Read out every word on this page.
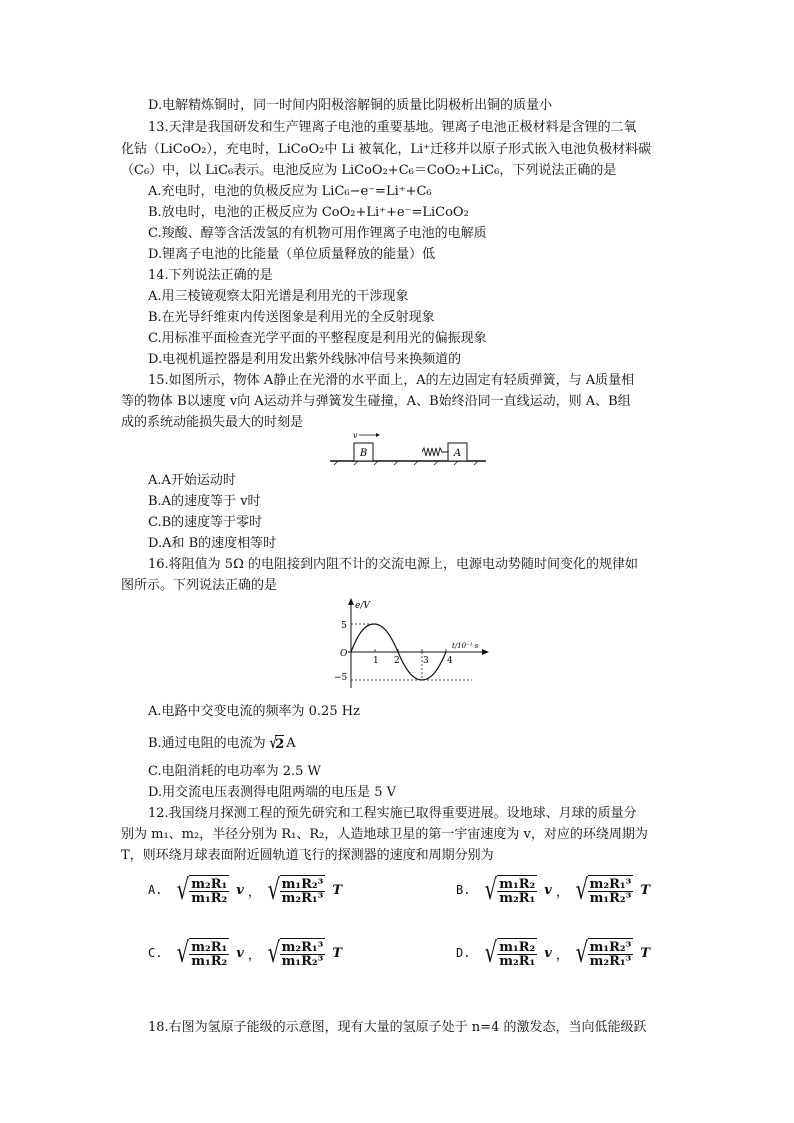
D.电解精炼铜时，同一时间内阳极溶解铜的质量比阴极析出铜的质量小
13.天津是我国研发和生产锂离子电池的重要基地。锂离子电池正极材料是含锂的二氧
化钴（LiCoO₂），充电时，LiCoO₂中 Li 被氧化，Li⁺迁移并以原子形式嵌入电池负极材料碳
（C₆）中，以 LiC₆表示。电池反应为 LiCoO₂+C₆＝CoO₂+LiC₆，下列说法正确的是
A.充电时，电池的负极反应为 LiC₆−e⁻=Li⁺+C₆
B.放电时，电池的正极反应为 CoO₂+Li⁺+e⁻=LiCoO₂
C.羧酸、醇等含活泼氢的有机物可用作锂离子电池的电解质
D.锂离子电池的比能量（单位质量释放的能量）低
14.下列说法正确的是
A.用三棱镜观察太阳光谱是利用光的干涉现象
B.在光导纤维束内传送图象是利用光的全反射现象
C.用标准平面检查光学平面的平整程度是利用光的偏振现象
D.电视机遥控器是利用发出紫外线脉冲信号来换频道的
15.如图所示，物体 A静止在光滑的水平面上，A的左边固定有轻质弹簧，与 A质量相
等的物体 B以速度 v向 A运动并与弹簧发生碰撞，A、B始终沿同一直线运动，则 A、B组
成的系统动能损失最大的时刻是
B
v
A
A.A开始运动时
B.A的速度等于 v时
C.B的速度等于零时
D.A和 B的速度相等时
16.将阻值为 5Ω 的电阻接到内阻不计的交流电源上，电源电动势随时间变化的规律如
图所示。下列说法正确的是
e/V
t/10⁻¹ s
O
5
−5
1 2	3 4
A.电路中交变电流的频率为 0.25 Hz
B.通过电阻的电流为 √
2 A
C.电阻消耗的电功率为 2.5 W
D.用交流电压表测得电阻两端的电压是 5 V
12.我国绕月探测工程的预先研究和工程实施已取得重要进展。设地球、月球的质量分
别为 m₁、m₂，半径分别为 R₁、R₂，人造地球卫星的第一宇宙速度为 v，对应的环绕周期为
T，则环绕月球表面附近圆轨道飞行的探测器的速度和周期分别为
A. √ $\frac{\text{m₂R₁}}{\text{m₁R₂}}$ v ， √ $\frac{\text{m₁R₂³}}{\text{m₂R₁³}}$ T	B. √ $\frac{\text{m₁R₂}}{\text{m₂R₁}}$ v ， √ $\frac{\text{m₂R₁³}}{\text{m₁R₂³}}$ T
C. √ $\frac{\text{m₂R₁}}{\text{m₁R₂}}$ v ， √ $\frac{\text{m₂R₁³}}{\text{m₁R₂³}}$ T	D. √ $\frac{\text{m₁R₂}}{\text{m₂R₁}}$ v ， √ $\frac{\text{m₁R₂³}}{\text{m₂R₁³}}$ T
18.右图为氢原子能级的示意图，现有大量的氢原子处于 n=4 的激发态，当向低能级跃
